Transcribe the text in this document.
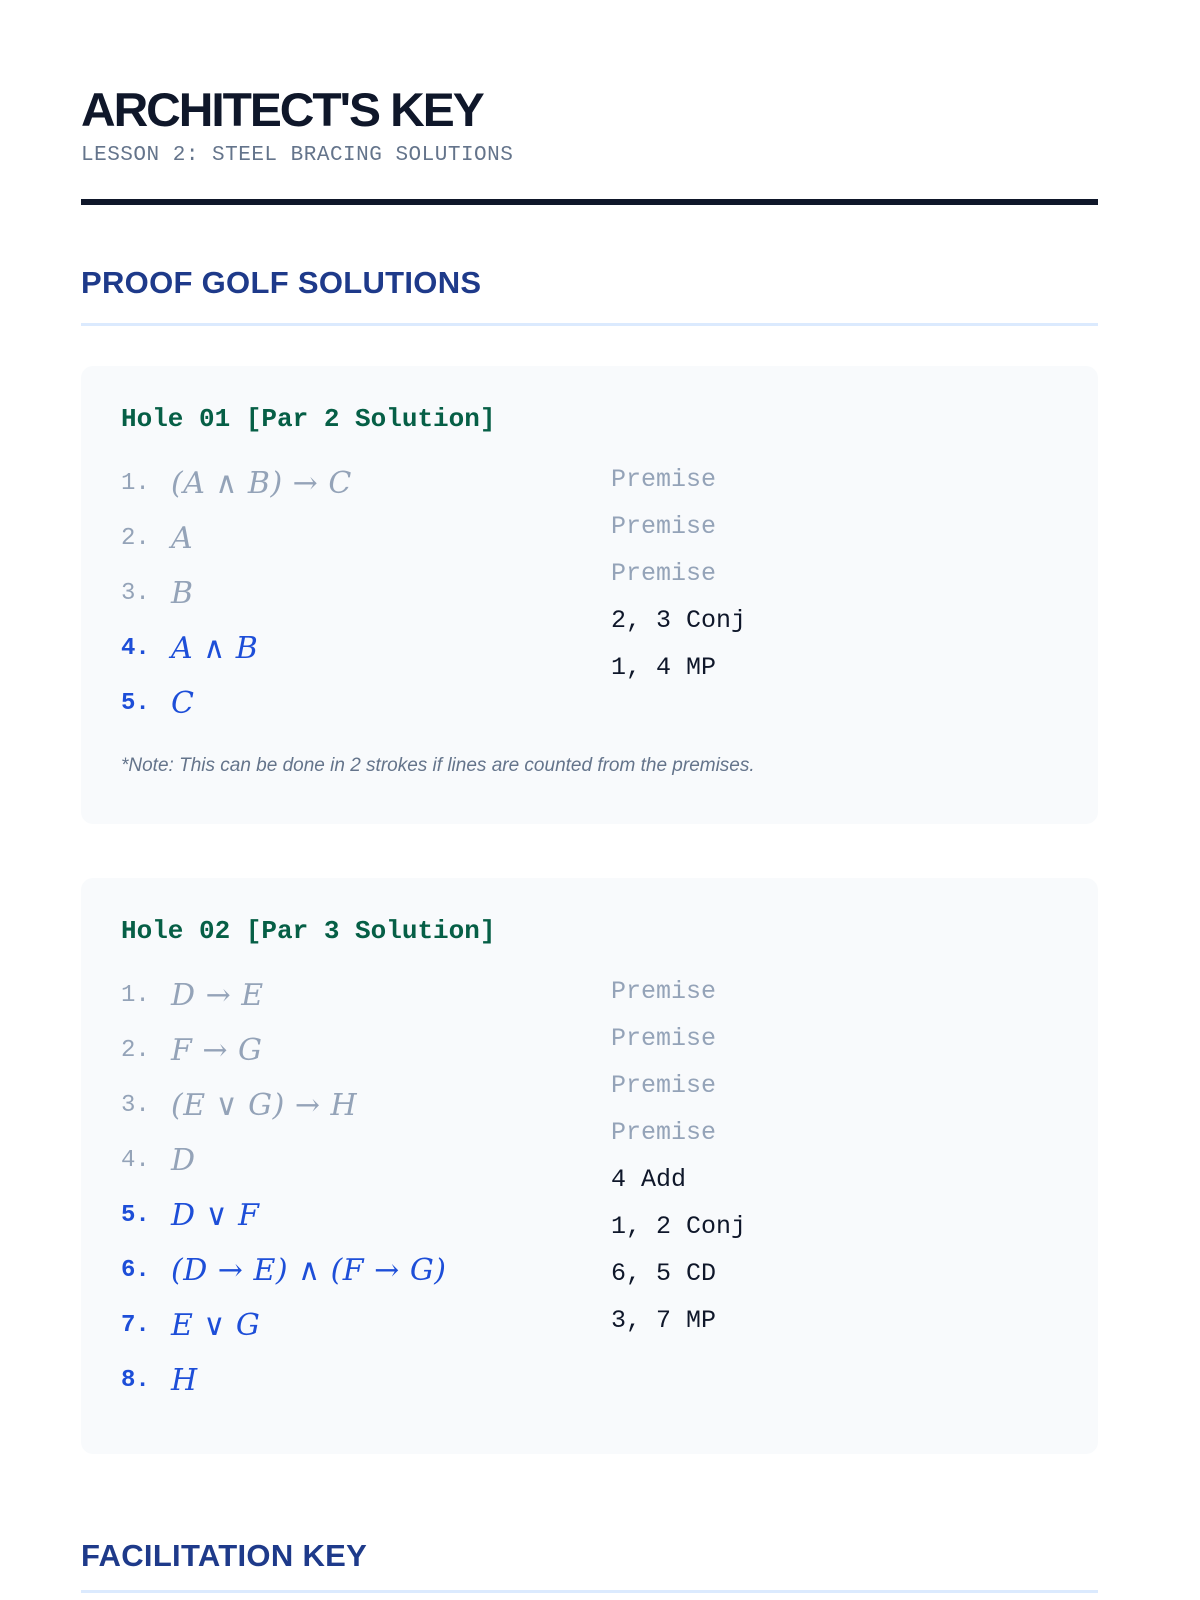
ARCHITECT'S KEY
LESSON 2: STEEL BRACING SOLUTIONS
PROOF GOLF SOLUTIONS
Hole 01 [Par 2 Solution]
1. (A ∧ B) → C
2. A
3. B
4. A ∧ B
5. C
Premise
Premise
Premise
2, 3 Conj
1, 4 MP
*Note: This can be done in 2 strokes if lines are counted from the premises.
Hole 02 [Par 3 Solution]
1. D → E
2. F → G
3. (E ∨ G) → H
4. D
5. D ∨ F
6. (D → E) ∧ (F → G)
7. E ∨ G
8. H
Premise
Premise
Premise
Premise
4 Add
1, 2 Conj
6, 5 CD
3, 7 MP
FACILITATION KEY
